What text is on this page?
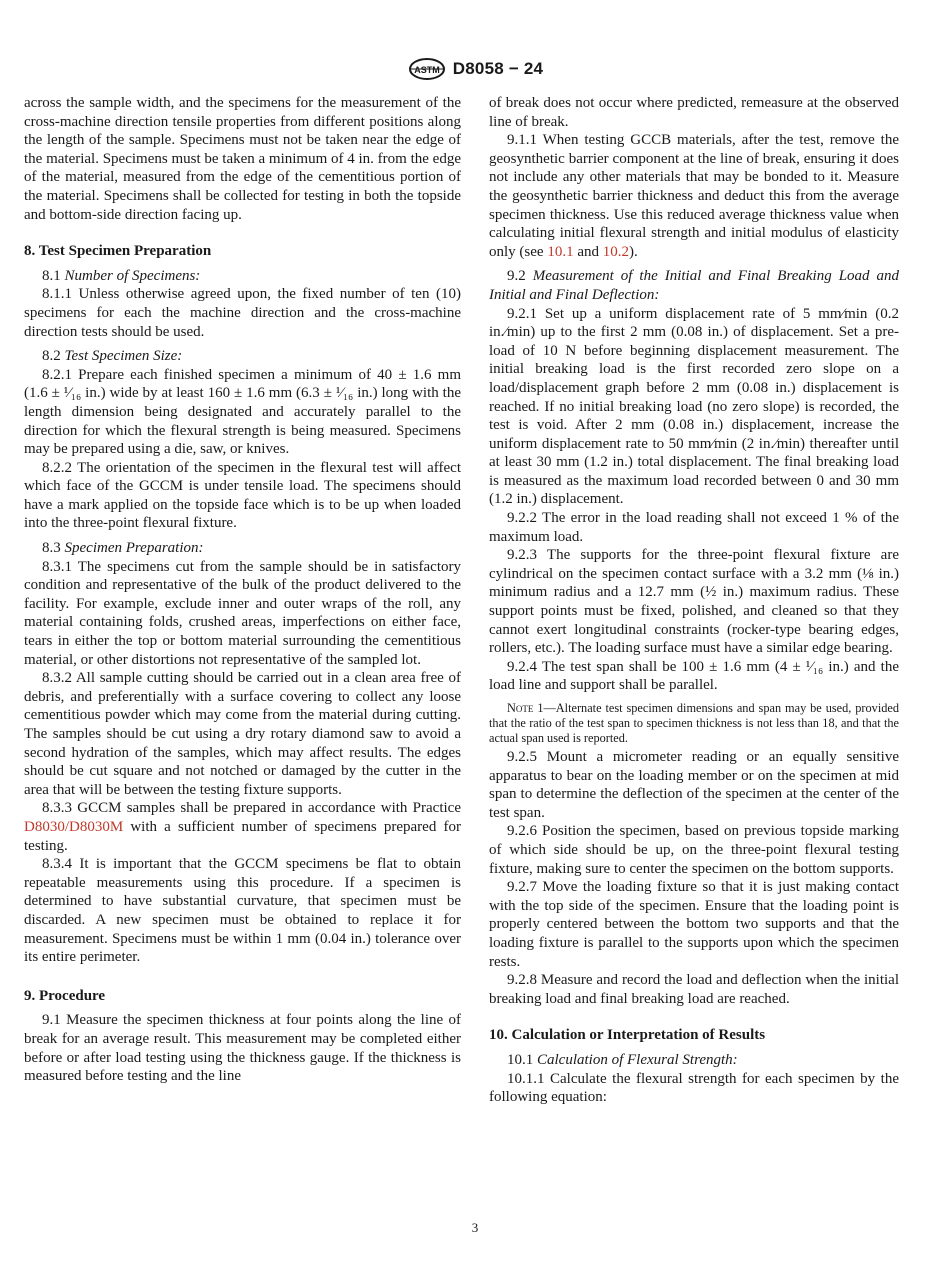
ASTM D8058 − 24

across the sample width, and the specimens for the measurement of the cross-machine direction tensile properties from different positions along the length of the sample. Specimens must not be taken near the edge of the material. Specimens must be taken a minimum of 4 in. from the edge of the material, measured from the edge of the cementitious portion of the material. Specimens shall be collected for testing in both the topside and bottom-side direction facing up.

8. Test Specimen Preparation

8.1 Number of Specimens:

8.1.1 Unless otherwise agreed upon, the fixed number of ten (10) specimens for each the machine direction and the cross-machine direction tests should be used.

8.2 Test Specimen Size:

8.2.1 Prepare each finished specimen a minimum of 40 ± 1.6 mm (1.6 ± ¹⁄₁₆ in.) wide by at least 160 ± 1.6 mm (6.3 ± ¹⁄₁₆ in.) long with the length dimension being designated and accurately parallel to the direction for which the flexural strength is being measured. Specimens may be prepared using a die, saw, or knives.

8.2.2 The orientation of the specimen in the flexural test will affect which face of the GCCM is under tensile load. The specimens should have a mark applied on the topside face which is to be up when loaded into the three-point flexural fixture.

8.3 Specimen Preparation:

8.3.1 The specimens cut from the sample should be in satisfactory condition and representative of the bulk of the product delivered to the facility. For example, exclude inner and outer wraps of the roll, any material containing folds, crushed areas, imperfections on either face, tears in either the top or bottom material surrounding the cementitious material, or other distortions not representative of the sampled lot.

8.3.2 All sample cutting should be carried out in a clean area free of debris, and preferentially with a surface covering to collect any loose cementitious powder which may come from the material during cutting. The samples should be cut using a dry rotary diamond saw to avoid a second hydration of the samples, which may affect results. The edges should be cut square and not notched or damaged by the cutter in the area that will be between the testing fixture supports.

8.3.3 GCCM samples shall be prepared in accordance with Practice D8030/D8030M with a sufficient number of specimens prepared for testing.

8.3.4 It is important that the GCCM specimens be flat to obtain repeatable measurements using this procedure. If a specimen is determined to have substantial curvature, that specimen must be discarded. A new specimen must be obtained to replace it for measurement. Specimens must be within 1 mm (0.04 in.) tolerance over its entire perimeter.

9. Procedure

9.1 Measure the specimen thickness at four points along the line of break for an average result. This measurement may be completed either before or after load testing using the thickness gauge. If the thickness is measured before testing and the line

of break does not occur where predicted, remeasure at the observed line of break.

9.1.1 When testing GCCB materials, after the test, remove the geosynthetic barrier component at the line of break, ensuring it does not include any other materials that may be bonded to it. Measure the geosynthetic barrier thickness and deduct this from the average specimen thickness. Use this reduced average thickness value when calculating initial flexural strength and initial modulus of elasticity only (see 10.1 and 10.2).

9.2 Measurement of the Initial and Final Breaking Load and Initial and Final Deflection:

9.2.1 Set up a uniform displacement rate of 5 mm⁄min (0.2 in.⁄min) up to the first 2 mm (0.08 in.) of displacement. Set a pre-load of 10 N before beginning displacement measurement. The initial breaking load is the first recorded zero slope on a load/displacement graph before 2 mm (0.08 in.) displacement is reached. If no initial breaking load (no zero slope) is recorded, the test is void. After 2 mm (0.08 in.) displacement, increase the uniform displacement rate to 50 mm⁄min (2 in.⁄min) thereafter until at least 30 mm (1.2 in.) total displacement. The final breaking load is measured as the maximum load recorded between 0 and 30 mm (1.2 in.) displacement.

9.2.2 The error in the load reading shall not exceed 1 % of the maximum load.

9.2.3 The supports for the three-point flexural fixture are cylindrical on the specimen contact surface with a 3.2 mm (⅛ in.) minimum radius and a 12.7 mm (½ in.) maximum radius. These support points must be fixed, polished, and cleaned so that they cannot exert longitudinal constraints (rocker-type bearing edges, rollers, etc.). The loading surface must have a similar edge bearing.

9.2.4 The test span shall be 100 ± 1.6 mm (4 ± ¹⁄₁₆ in.) and the load line and support shall be parallel.

Note 1—Alternate test specimen dimensions and span may be used, provided that the ratio of the test span to specimen thickness is not less than 18, and that the actual span used is reported.

9.2.5 Mount a micrometer reading or an equally sensitive apparatus to bear on the loading member or on the specimen at mid span to determine the deflection of the specimen at the center of the test span.

9.2.6 Position the specimen, based on previous topside marking of which side should be up, on the three-point flexural testing fixture, making sure to center the specimen on the bottom supports.

9.2.7 Move the loading fixture so that it is just making contact with the top side of the specimen. Ensure that the loading point is properly centered between the bottom two supports and that the loading fixture is parallel to the supports upon which the specimen rests.

9.2.8 Measure and record the load and deflection when the initial breaking load and final breaking load are reached.

10. Calculation or Interpretation of Results

10.1 Calculation of Flexural Strength:

10.1.1 Calculate the flexural strength for each specimen by the following equation:

3
